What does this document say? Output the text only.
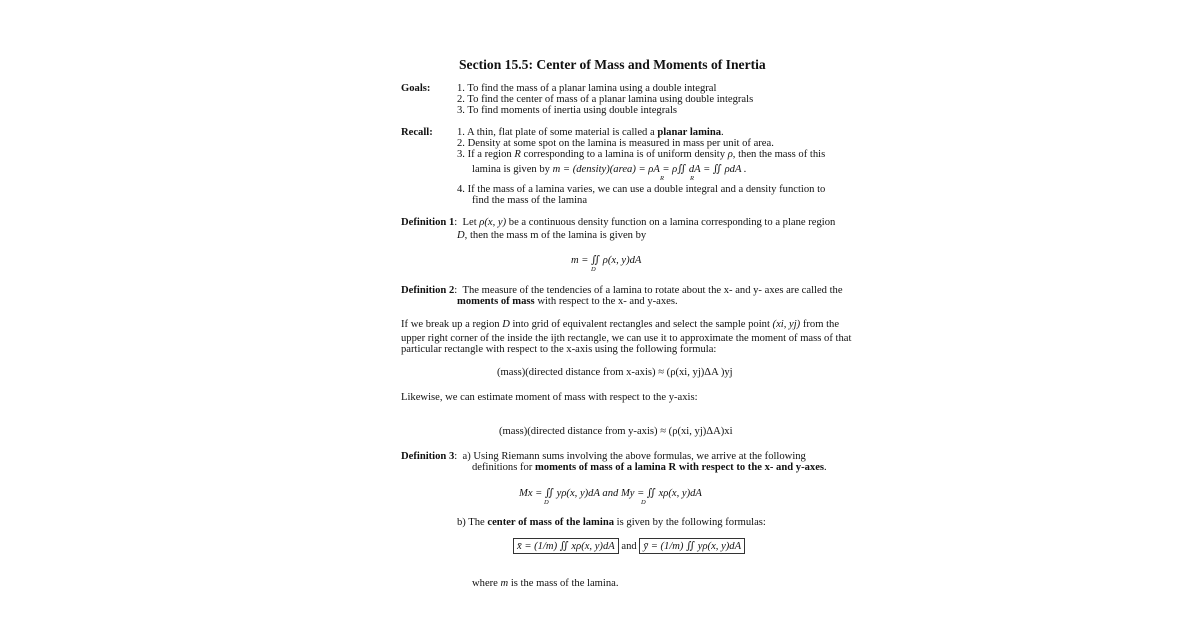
Section 15.5: Center of Mass and Moments of Inertia
Goals:	1. To find the mass of a planar lamina using a double integral
2. To find the center of mass of a planar lamina using double integrals
3. To find moments of inertia using double integrals
Recall: 1. A thin, flat plate of some material is called a planar lamina.
2. Density at some spot on the lamina is measured in mass per unit of area.
3. If a region R corresponding to a lamina is of uniform density ρ, then the mass of this
lamina is given by m = (density)(area) = ρA = ρ∬ dA = ∬ ρdA .
R	R
4. If the mass of a lamina varies, we can use a double integral and a density function to
find the mass of the lamina
Definition 1:  Let ρ(x, y) be a continuous density function on a lamina corresponding to a plane region
D, then the mass m of the lamina is given by
m = ∬ ρ(x, y)dA
D
Definition 2:  The measure of the tendencies of a lamina to rotate about the x- and y- axes are called the
moments of mass with respect to the x- and y-axes.
If we break up a region D into grid of equivalent rectangles and select the sample point (xi, yj) from the
upper right corner of the inside the ijth rectangle, we can use it to approximate the moment of mass of that
particular rectangle with respect to the x-axis using the following formula:
(mass)(directed distance from x-axis) ≈ (ρ(xi, yj)ΔA )yj
Likewise, we can estimate moment of mass with respect to the y-axis:
(mass)(directed distance from y-axis) ≈ (ρ(xi, yj)ΔA)xi
Definition 3:  a) Using Riemann sums involving the above formulas, we arrive at the following
definitions for moments of mass of a lamina R with respect to the x- and y-axes.
Mx = ∬ yρ(x, y)dA and My = ∬ xρ(x, y)dA
D	D
b) The center of mass of the lamina is given by the following formulas:
x̄ = (1/m) ∬ xρ(x, y)dA and ȳ = (1/m) ∬ yρ(x, y)dA
where m is the mass of the lamina.
